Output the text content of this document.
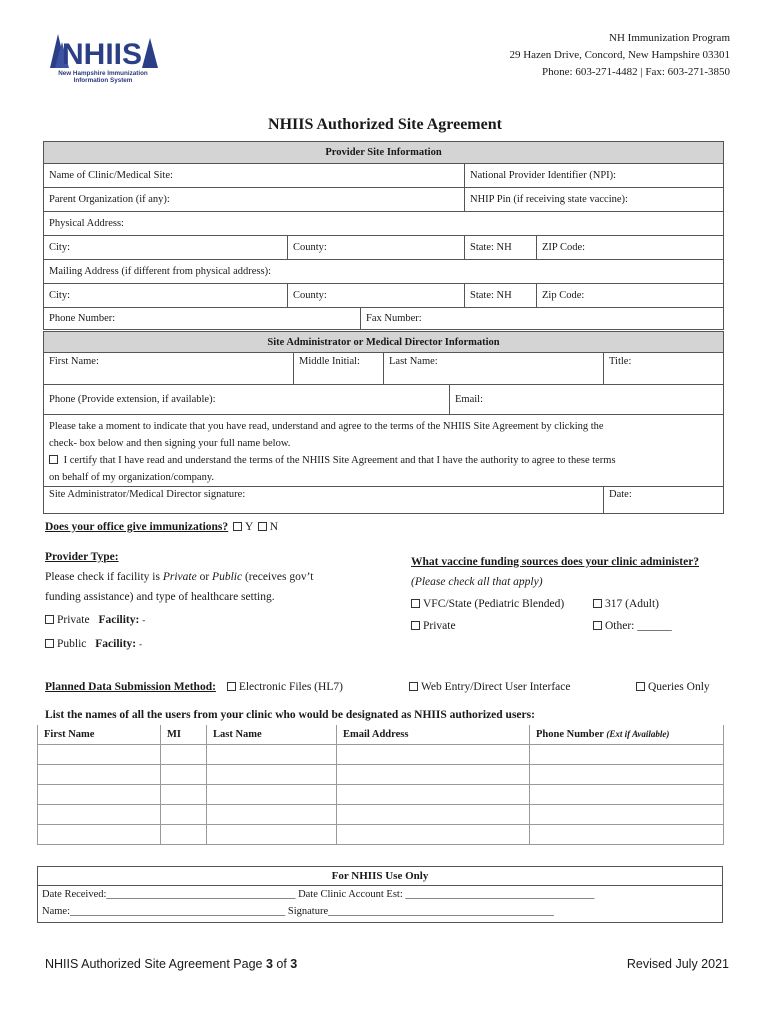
NHIIS
New Hampshire Immunization Information System
NH Immunization Program
29 Hazen Drive, Concord, New Hampshire 03301
Phone: 603-271-4482 | Fax: 603-271-3850
NHIIS Authorized Site Agreement
Provider Site Information				
Name of Clinic/Medical Site:			National Provider Identifier (NPI):	
Parent Organization (if any):			NHIP Pin (if receiving state vaccine):	
Physical Address:				
City:	County:		State: NH	ZIP Code:
Mailing Address (if different from physical address):				
City:	County:		State: NH	Zip Code:
Phone Number:		Fax Number:		
Site Administrator or Medical Director Information				
First Name:	Middle Initial:	Last Name:		Title:
Phone (Provide extension, if available):			Email:	

Please take a moment to indicate that you have read, understand and agree to the terms of the NHIIS Site Agreement by clicking the
check- box below and then signing your full name below.
I certify that I have read and understand the terms of the NHIIS Site Agreement and that I have the authority to agree to these terms
on behalf of my organization/company.				

Site Administrator/Medical Director signature:				Date:
Does your office give immunizations? Y N
Provider Type:
Please check if facility is Private or Public (receives gov’t
funding assistance) and type of healthcare setting.
Private Facility: -
Public Facility: -
What vaccine funding sources does your clinic administer?
(Please check all that apply)
VFC/State (Pediatric Blended)	317 (Adult)
Private	Other: ______
Planned Data Submission Method: Electronic Files (HL7)	Web Entry/Direct User Interface	Queries Only
List the names of all the users from your clinic who would be designated as NHIIS authorized users:
First Name	MI	Last Name	Email Address	Phone Number (Ext if Available)

For NHIIS Use Only
Date Received:____________________________________ Date Clinic Account Est: ____________________________________
Name:_________________________________________ Signature___________________________________________
NHIIS Authorized Site Agreement Page 3 of 3	Revised July 2021
